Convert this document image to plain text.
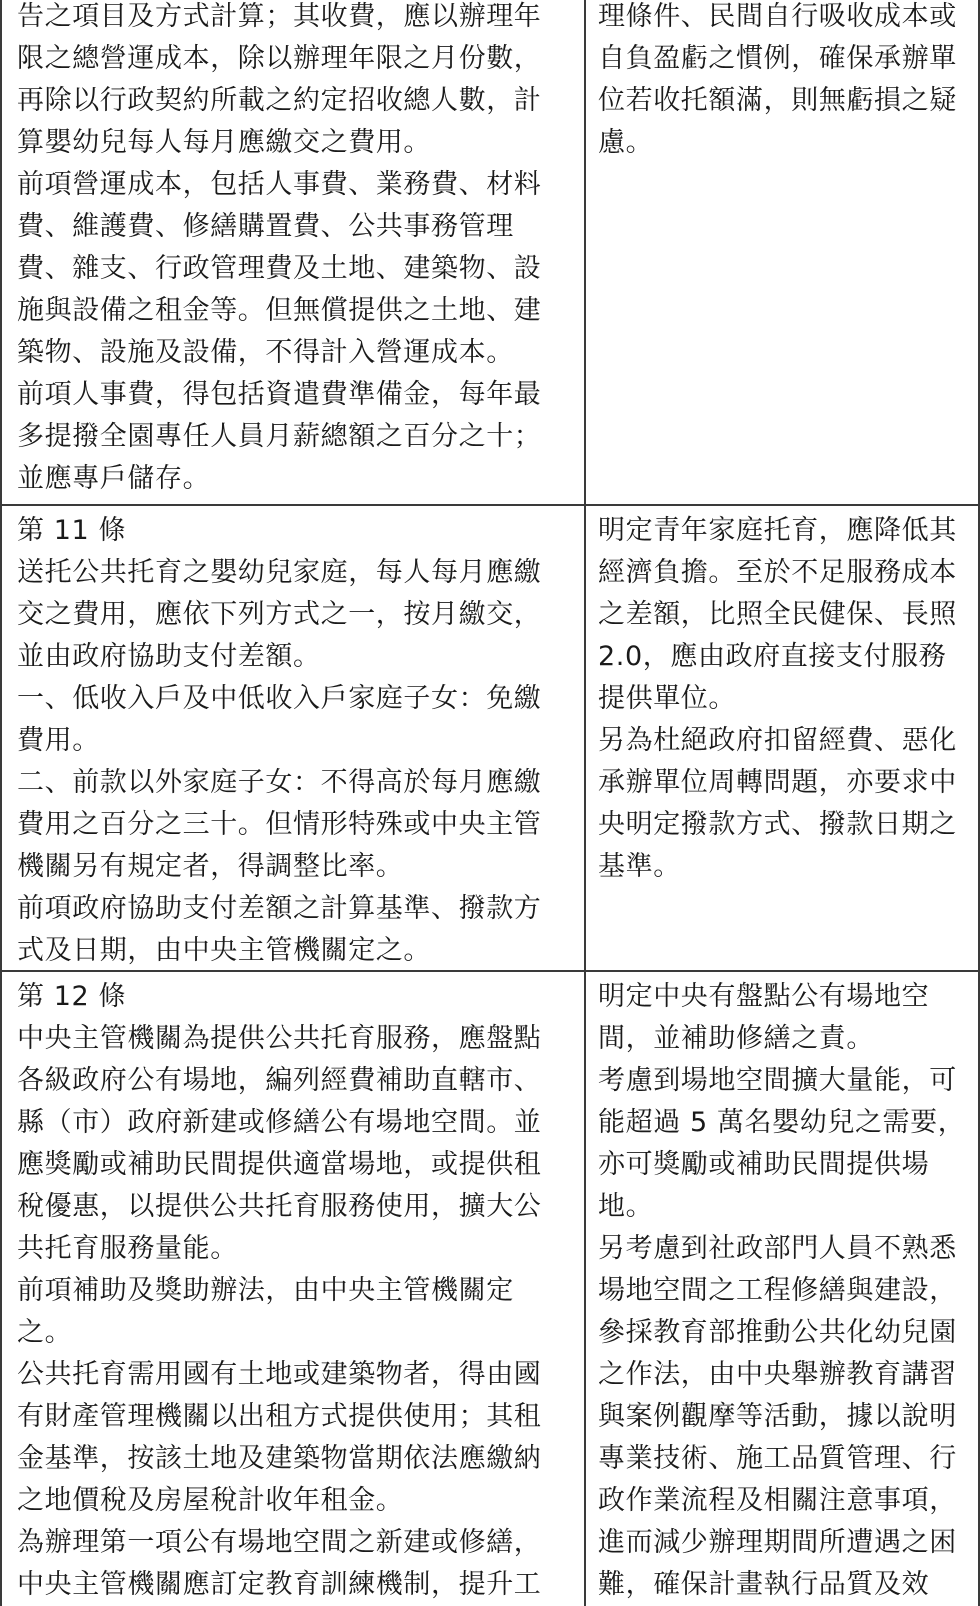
告之項目及方式計算；其收費，應以辦理年限之總營運成本，除以辦理年限之月份數，再除以行政契約所載之約定招收總人數，計算嬰幼兒每人每月應繳交之費用。

前項營運成本，包括人事費、業務費、材料費、維護費、修繕購置費、公共事務管理費、雜支、行政管理費及土地、建築物、設施與設備之租金等。但無償提供之土地、建築物、設施及設備，不得計入營運成本。

前項人事費，得包括資遣費準備金，每年最多提撥全園專任人員月薪總額之百分之十；並應專戶儲存。

理條件、民間自行吸收成本或自負盈虧之慣例，確保承辦單位若收托額滿，則無虧損之疑慮。

第 11 條

送托公共托育之嬰幼兒家庭，每人每月應繳交之費用，應依下列方式之一，按月繳交，並由政府協助支付差額。

一、低收入戶及中低收入戶家庭子女：免繳費用。

二、前款以外家庭子女：不得高於每月應繳費用之百分之三十。但情形特殊或中央主管機關另有規定者，得調整比率。

前項政府協助支付差額之計算基準、撥款方式及日期，由中央主管機關定之。

明定青年家庭托育，應降低其經濟負擔。至於不足服務成本之差額，比照全民健保、長照 2.0，應由政府直接支付服務提供單位。

另為杜絕政府扣留經費、惡化承辦單位周轉問題，亦要求中央明定撥款方式、撥款日期之基準。

第 12 條

中央主管機關為提供公共托育服務，應盤點各級政府公有場地，編列經費補助直轄市、縣（市）政府新建或修繕公有場地空間。並應獎勵或補助民間提供適當場地，或提供租稅優惠，以提供公共托育服務使用，擴大公共托育服務量能。

前項補助及獎助辦法，由中央主管機關定之。

公共托育需用國有土地或建築物者，得由國有財產管理機關以出租方式提供使用；其租金基準，按該土地及建築物當期依法應繳納之地價稅及房屋稅計收年租金。

為辦理第一項公有場地空間之新建或修繕，中央主管機關應訂定教育訓練機制，提升工

明定中央有盤點公有場地空間，並補助修繕之責。

考慮到場地空間擴大量能，可能超過 5 萬名嬰幼兒之需要，亦可獎勵或補助民間提供場地。

另考慮到社政部門人員不熟悉場地空間之工程修繕與建設，參採教育部推動公共化幼兒園之作法，由中央舉辦教育講習與案例觀摩等活動，據以說明專業技術、施工品質管理、行政作業流程及相關注意事項，進而減少辦理期間所遭遇之困難，確保計畫執行品質及效
